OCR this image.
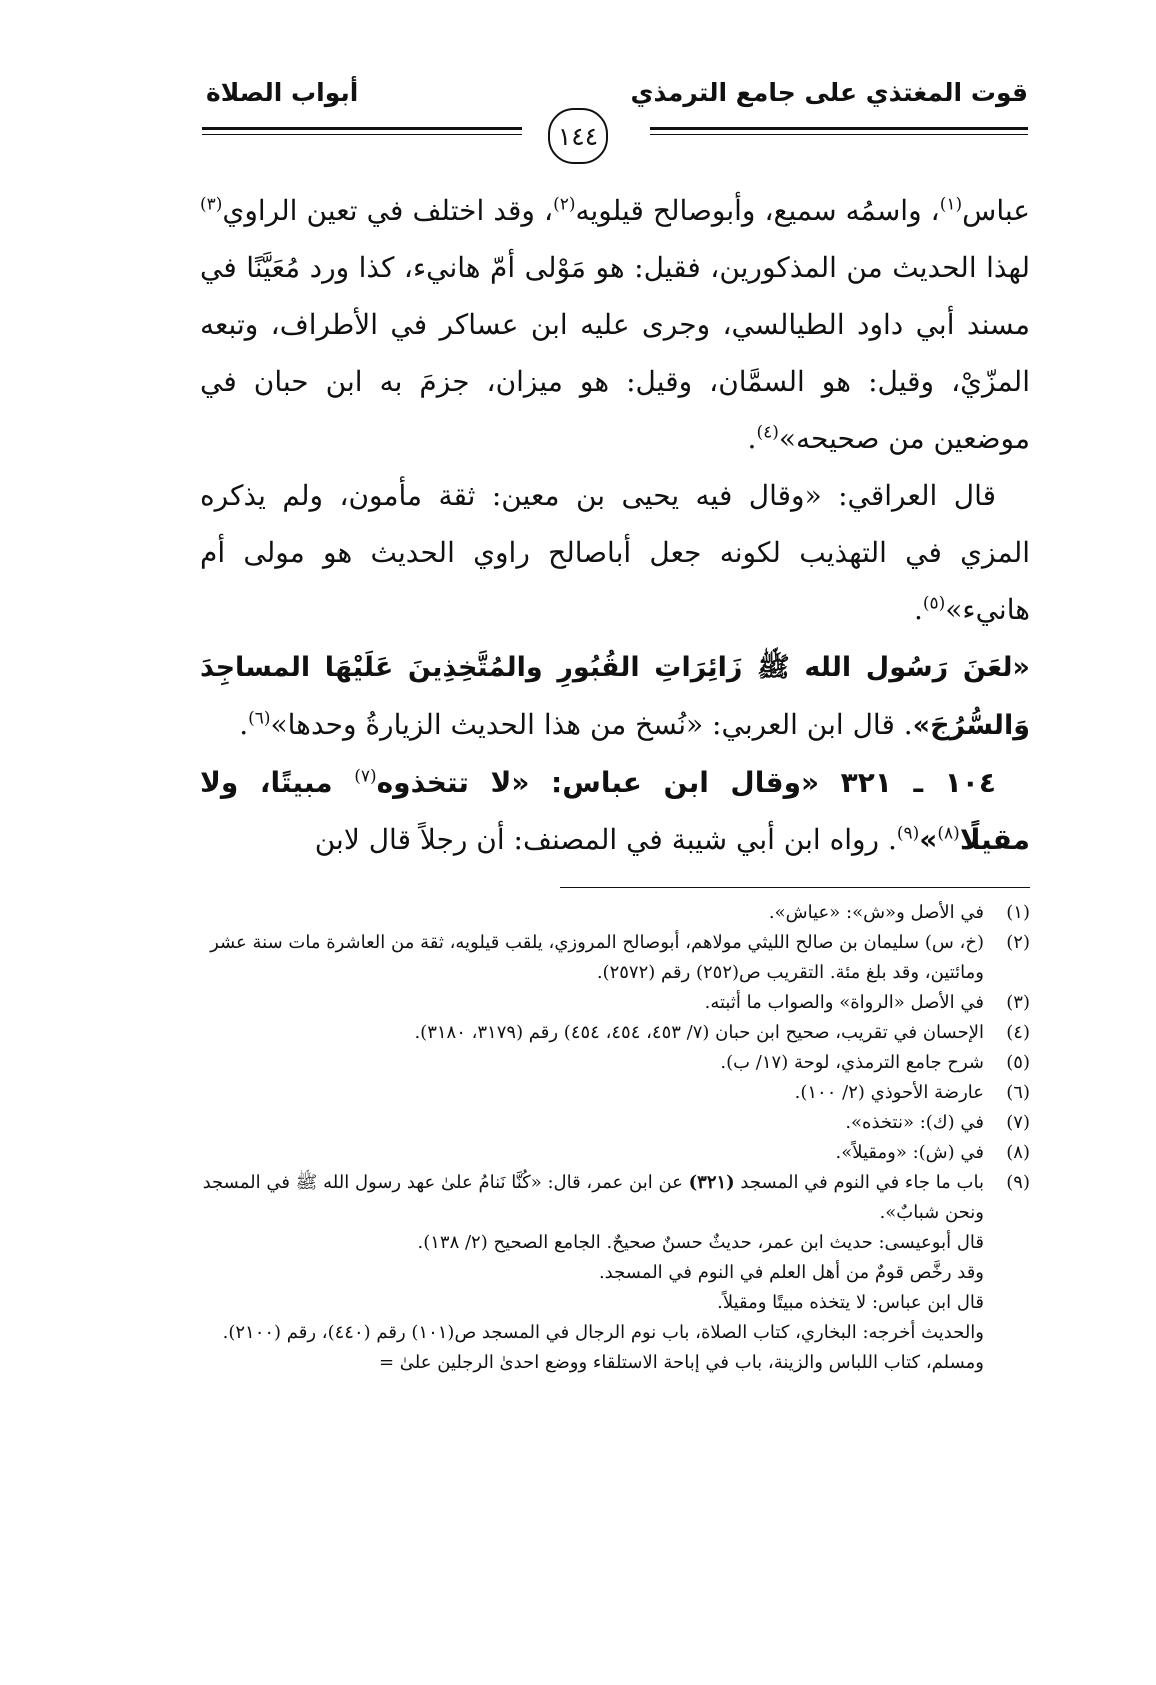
قوت المغتذي على جامع الترمذي
أبواب الصلاة
١٤٤

عباس$^{(١)}$، واسمُه سميع، وأبوصالح قيلويه$^{(٢)}$، وقد اختلف في تعين الراوي$^{(٣)}$ لهذا الحديث من المذكورين، فقيل: هو مَوْلى أمّ هانيء، كذا ورد مُعَيَّنًا في مسند أبي داود الطيالسي، وجرى عليه ابن عساكر في الأطراف، وتبعه المزّيْ، وقيل: هو السمَّان، وقيل: هو ميزان، جزمَ به ابن حبان في موضعين من صحيحه»$^{(٤)}$.

قال العراقي: «وقال فيه يحيى بن معين: ثقة مأمون، ولم يذكره المزي في التهذيب لكونه جعل أباصالح راوي الحديث هو مولى أم هانيء»$^{(٥)}$.

«لعَنَ رَسُول الله ﷺ زَائِرَاتِ القُبُورِ والمُتَّخِذِينَ عَلَيْهَا المساجِدَ وَالسُّرُجَ». قال ابن العربي: «نُسخ من هذا الحديث الزيارةُ وحدها»$^{(٦)}$.

١٠٤ ـ ٣٢١ «وقال ابن عباس: «لا تتخذوه$^{(٧)}$ مبيتًا، ولا مقيلًا$^{(٨)}$»$^{(٩)}$. رواه ابن أبي شيبة في المصنف: أن رجلاً قال لابن

(١)
في الأصل و«ش»: «عياش».
(٢)
(خ، س) سليمان بن صالح الليثي مولاهم، أبوصالح المروزي، يلقب قيلويه، ثقة من العاشرة مات سنة عشر ومائتين، وقد بلغ مئة. التقريب ص(٢٥٢) رقم (٢٥٧٢).
(٣)
في الأصل «الرواة» والصواب ما أثبته.
(٤)
الإحسان في تقريب، صحيح ابن حبان (٧/ ٤٥٣، ٤٥٤، ٤٥٤) رقم (٣١٧٩، ٣١٨٠).
(٥)
شرح جامع الترمذي، لوحة (١٧/ ب).
(٦)
عارضة الأحوذي (٢/ ١٠٠).
(٧)
في (ك): «نتخذه».
(٨)
في (ش): «ومقيلاً».
(٩)
باب ما جاء في النوم في المسجد (٣٢١) عن ابن عمر، قال: «كُنَّا نَنامُ علىٰ عهد رسول الله ﷺ في المسجد ونحن شبابٌ».
قال أبوعيسى: حديث ابن عمر، حديثٌ حسنٌ صحيحٌ. الجامع الصحيح (٢/ ١٣٨).
وقد رخَّص قومٌ من أهل العلم في النوم في المسجد.
قال ابن عباس: لا يتخذه مبيتًا ومقيلاً.
والحديث أخرجه: البخاري، كتاب الصلاة، باب نوم الرجال في المسجد ص(١٠١) رقم (٤٤٠)، رقم (٢١٠٠).
ومسلم، كتاب اللباس والزينة، باب في إباحة الاستلقاء ووضع احدىٰ الرجلين علىٰ =
